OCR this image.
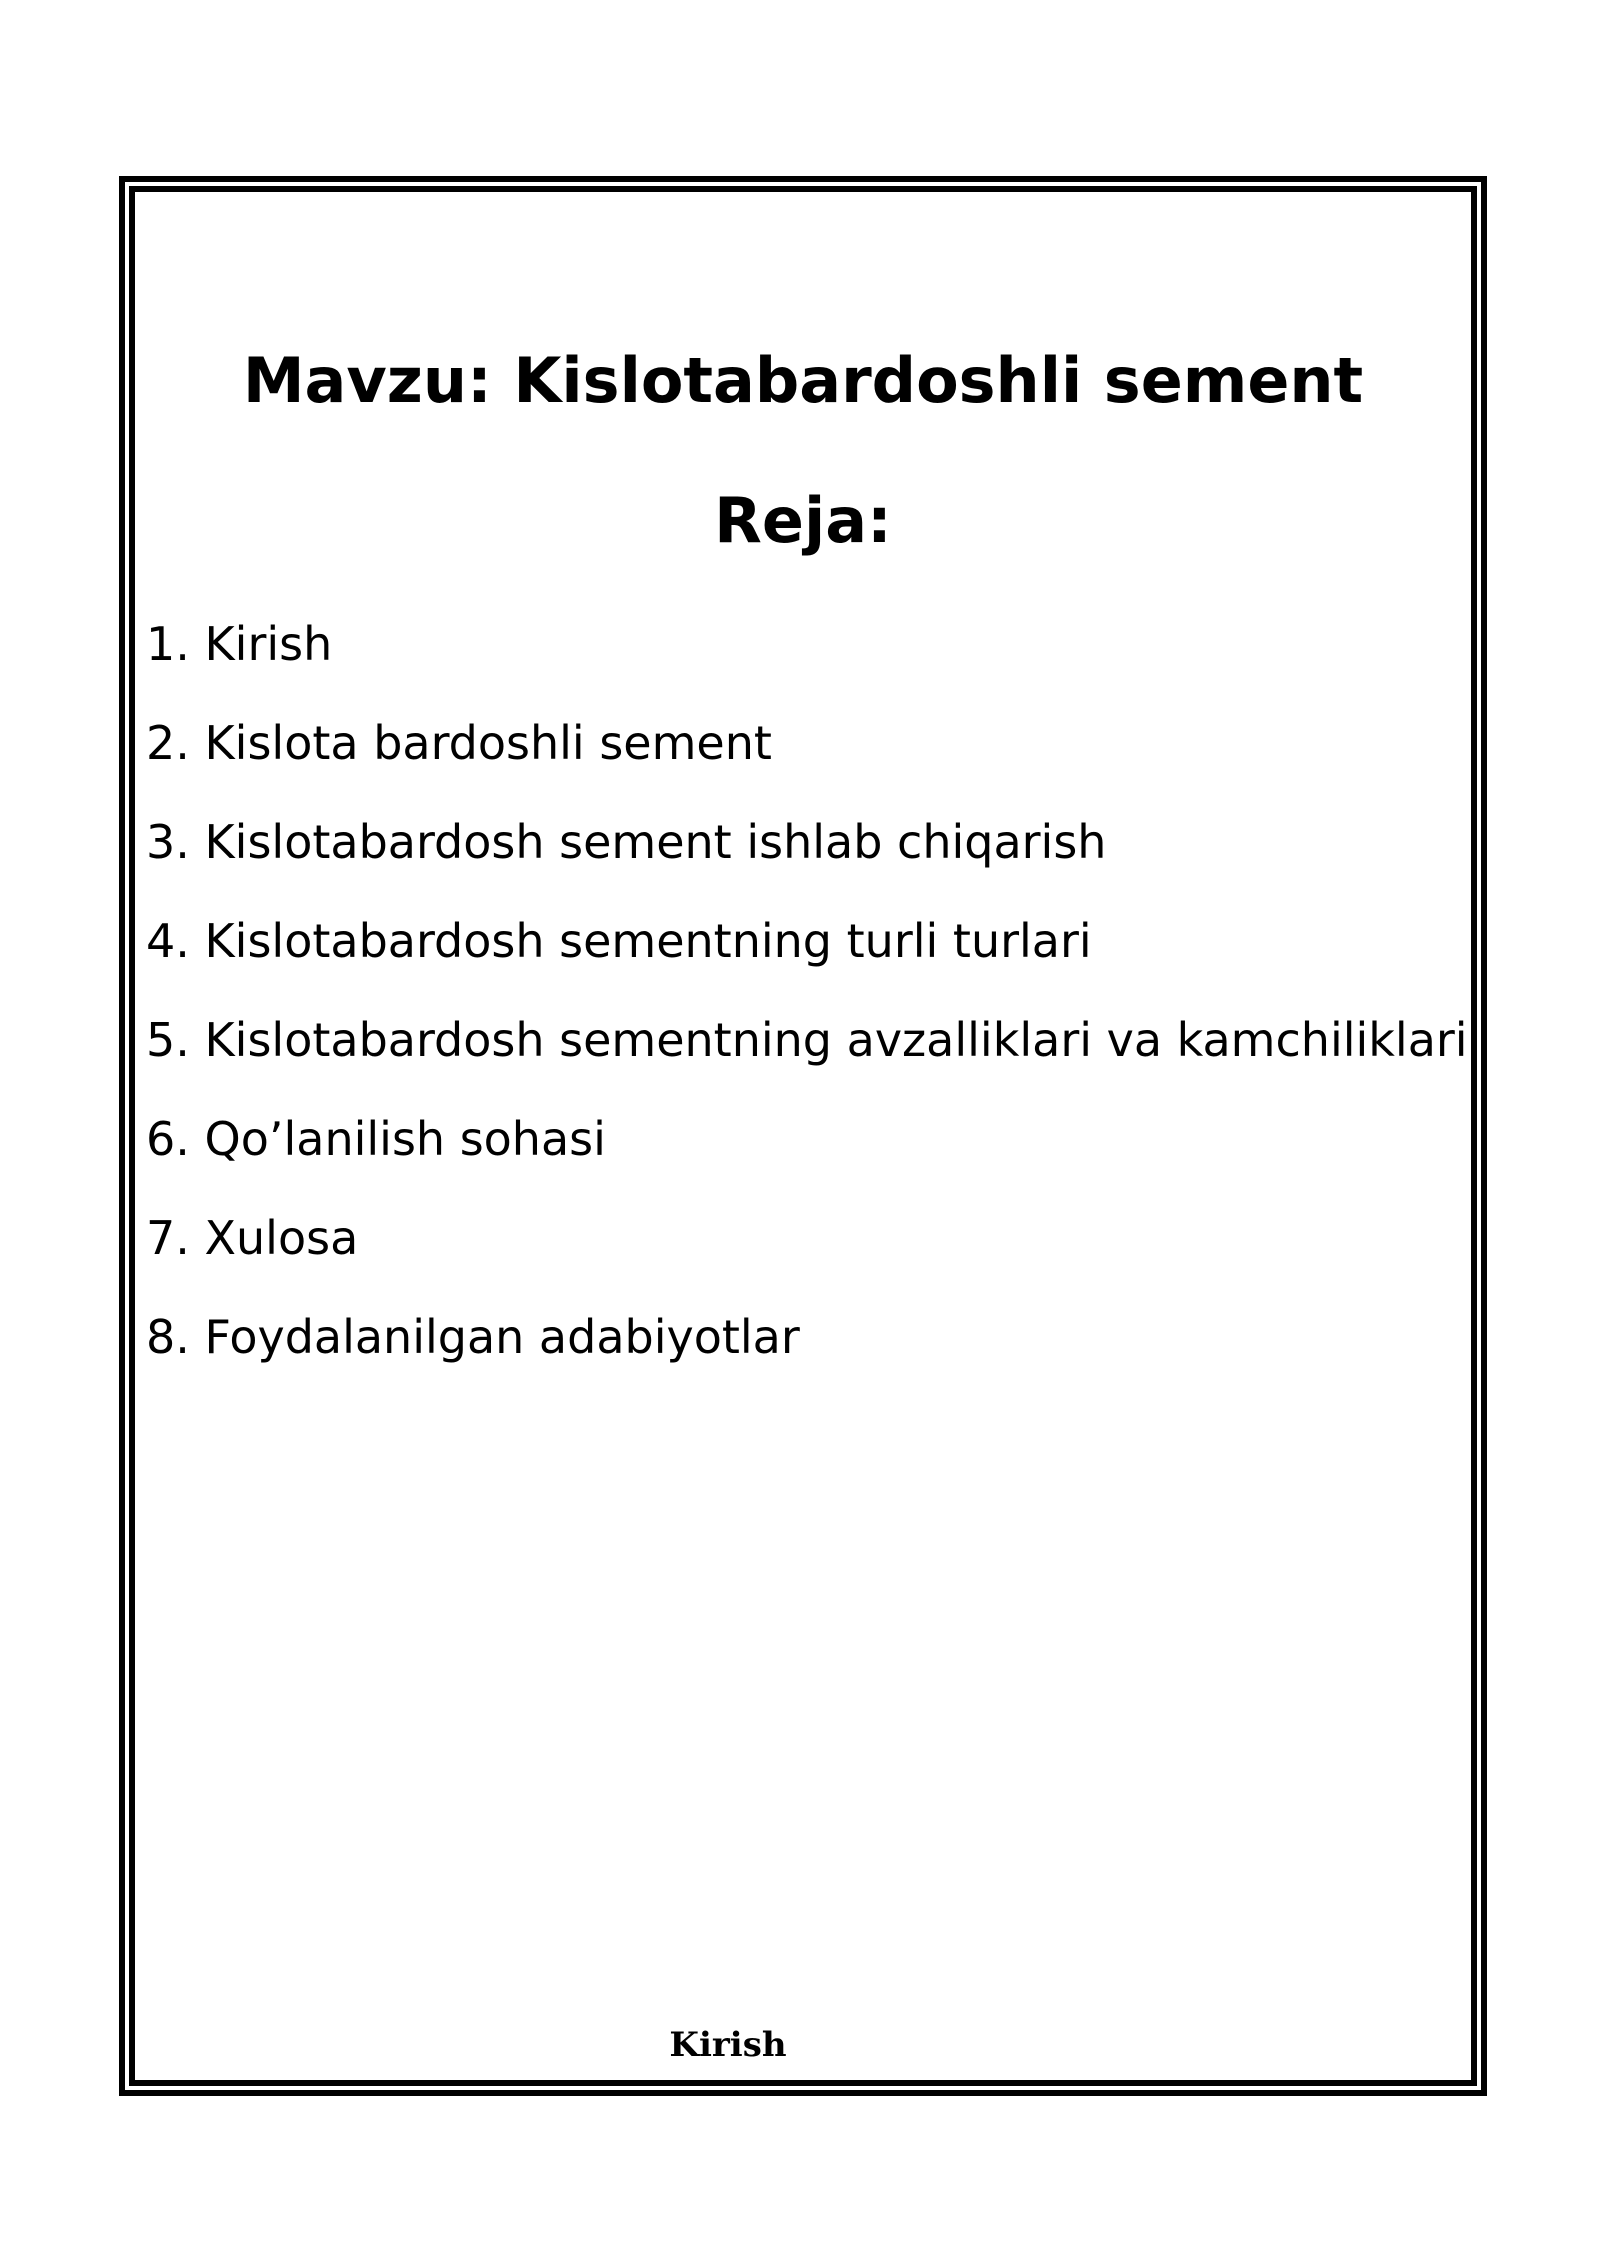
Mavzu: Kislotabardoshli sement
Reja:
1. Kirish
2. Kislota bardoshli sement
3. Kislotabardosh sement ishlab chiqarish
4. Kislotabardosh sementning turli turlari
5. Kislotabardosh sementning avzalliklari va kamchiliklari
6. Qo’lanilish sohasi
7. Xulosa
8. Foydalanilgan adabiyotlar
Kirish
